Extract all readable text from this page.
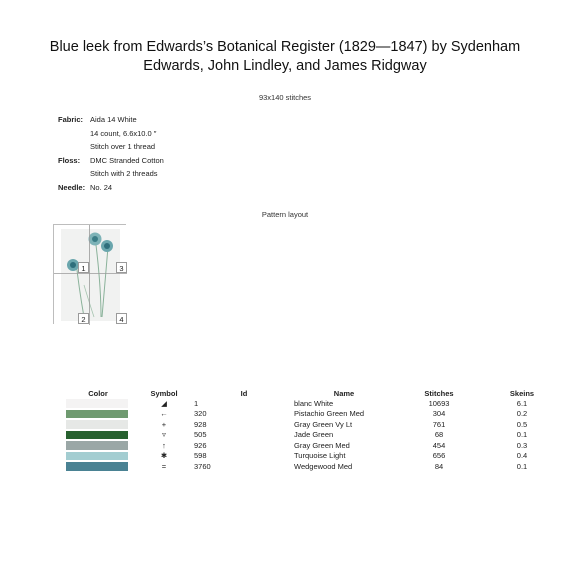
Blue leek from Edwards’s Botanical Register (1829—1847) by Sydenham
Edwards, John Lindley, and James Ridgway
93x140 stitches
Fabric: Aida 14 White
14 count, 6.6x10.0 ″
Stitch over 1 thread
Floss:	DMC Stranded Cotton
Stitch with 2 threads
Needle: No. 24
Pattern layout
1	3
2	4
Color	Symbol	Id	Name	Stitches	Skeins

	◢	1	blanc White	10693	6.1

	←	320	Pistachio Green Med	304	0.2

	+	928	Gray Green Vy Lt	761	0.5

	▿	505	Jade Green	68	0.1

	↑	926	Gray Green Med	454	0.3

	✱	598	Turquoise Light	656	0.4

	=	3760	Wedgewood Med	84	0.1
